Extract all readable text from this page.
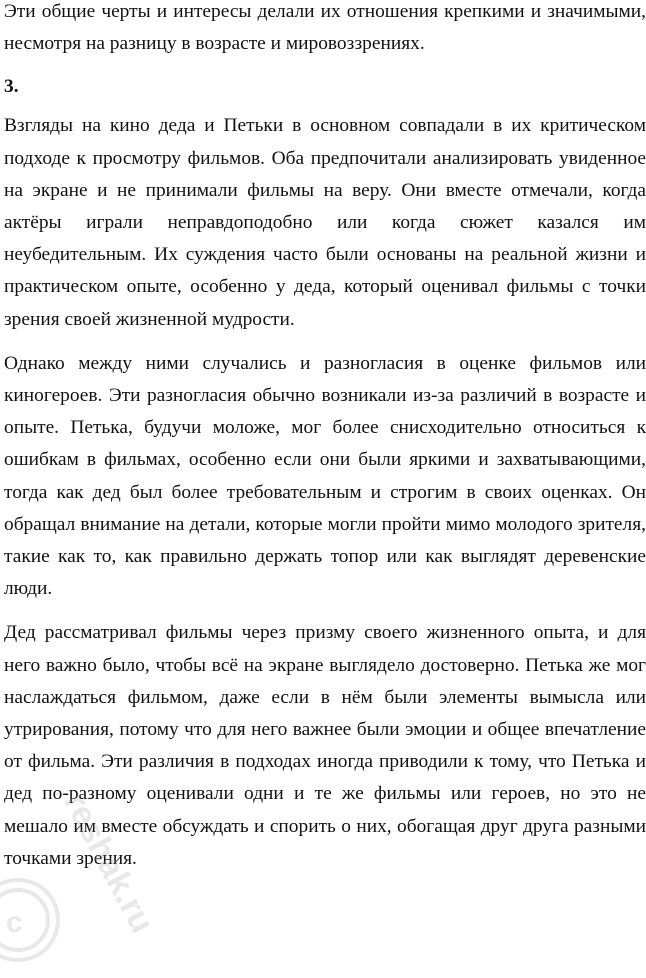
Эти общие черты и интересы делали их отношения крепкими и значимыми, несмотря на разницу в возрасте и мировоззрениях.

3.

Взгляды на кино деда и Петьки в основном совпадали в их критическом подходе к просмотру фильмов. Оба предпочитали анализировать увиденное на экране и не принимали фильмы на веру. Они вместе отмечали, когда актёры играли неправдоподобно или когда сюжет казался им неубедительным. Их суждения часто были основаны на реальной жизни и практическом опыте, особенно у деда, который оценивал фильмы с точки зрения своей жизненной мудрости.

Однако между ними случались и разногласия в оценке фильмов или киногероев. Эти разногласия обычно возникали из-за различий в возрасте и опыте. Петька, будучи моложе, мог более снисходительно относиться к ошибкам в фильмах, особенно если они были яркими и захватывающими, тогда как дед был более требовательным и строгим в своих оценках. Он обращал внимание на детали, которые могли пройти мимо молодого зрителя, такие как то, как правильно держать топор или как выглядят деревенские люди.

Дед рассматривал фильмы через призму своего жизненного опыта, и для него важно было, чтобы всё на экране выглядело достоверно. Петька же мог наслаждаться фильмом, даже если в нём были элементы вымысла или утрирования, потому что для него важнее были эмоции и общее впечатление от фильма. Эти различия в подходах иногда приводили к тому, что Петька и дед по-разному оценивали одни и те же фильмы или героев, но это не мешало им вместе обсуждать и спорить о них, обогащая друг друга разными точками зрения.

c reshak.ru
